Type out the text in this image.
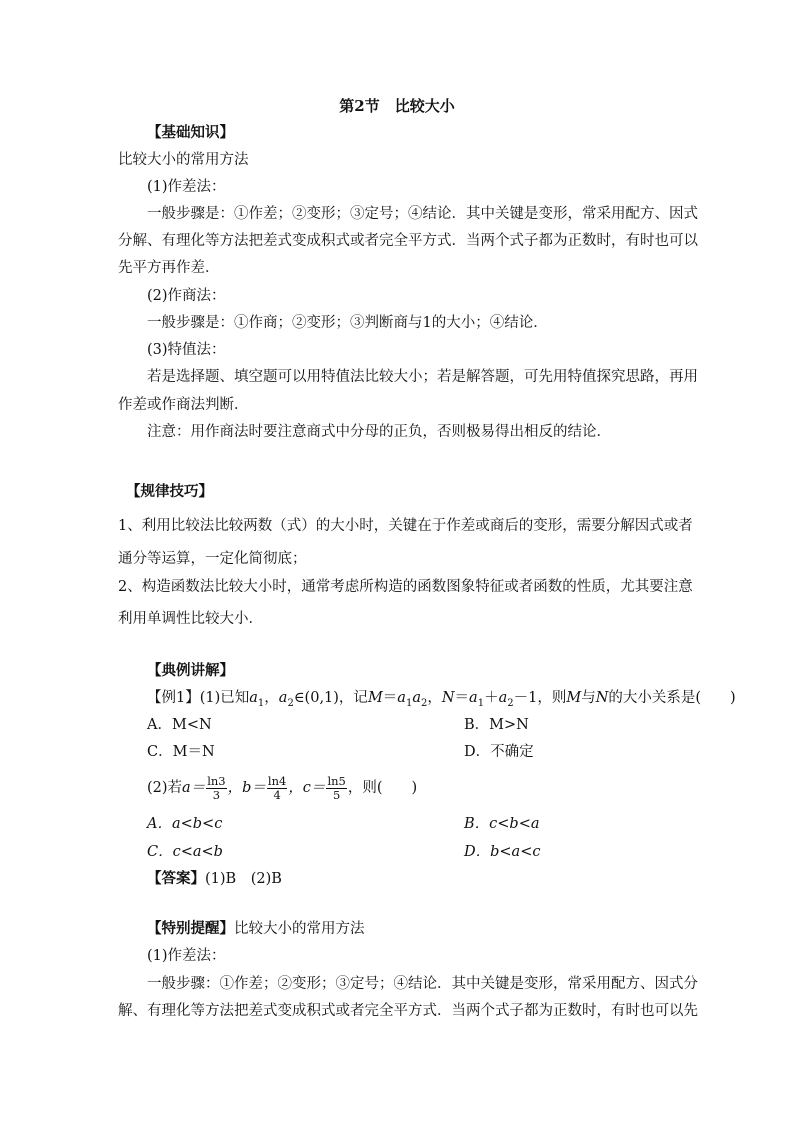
第2节　比较大小
【基础知识】
比较大小的常用方法
(1)作差法：
一般步骤是：①作差；②变形；③定号；④结论．其中关键是变形，常采用配方、因式
分解、有理化等方法把差式变成积式或者完全平方式．当两个式子都为正数时，有时也可以
先平方再作差．
(2)作商法：
一般步骤是：①作商；②变形；③判断商与1的大小；④结论．
(3)特值法：
若是选择题、填空题可以用特值法比较大小；若是解答题，可先用特值探究思路，再用
作差或作商法判断．
注意：用作商法时要注意商式中分母的正负，否则极易得出相反的结论．
【规律技巧】
1、利用比较法比较两数（式）的大小时，关键在于作差或商后的变形，需要分解因式或者
通分等运算，一定化简彻底；
2、构造函数法比较大小时，通常考虑所构造的函数图象特征或者函数的性质，尤其要注意
利用单调性比较大小．
【典例讲解】
【例1】(1)已知$a_1$，$a_2\in(0,1)$，记$M=a_1a_2$，$N=a_1+a_2-1$，则M与N的大小关系是(　　)
A．M<N	B．M>N
C．M＝N	D．不确定
(2)若$a= \frac{\ln 3}{3}$ ，$b= \frac{\ln 4}{4}$ ，$c= \frac{\ln 5}{5}$ ，则(　　)
A．a<b<c	B．c<b<a
C．c<a<b	D．b<a<c
【答案】(1)B　(2)B
【特别提醒】比较大小的常用方法
(1)作差法：
一般步骤：①作差；②变形；③定号；④结论．其中关键是变形，常采用配方、因式分
解、有理化等方法把差式变成积式或者完全平方式．当两个式子都为正数时，有时也可以先
